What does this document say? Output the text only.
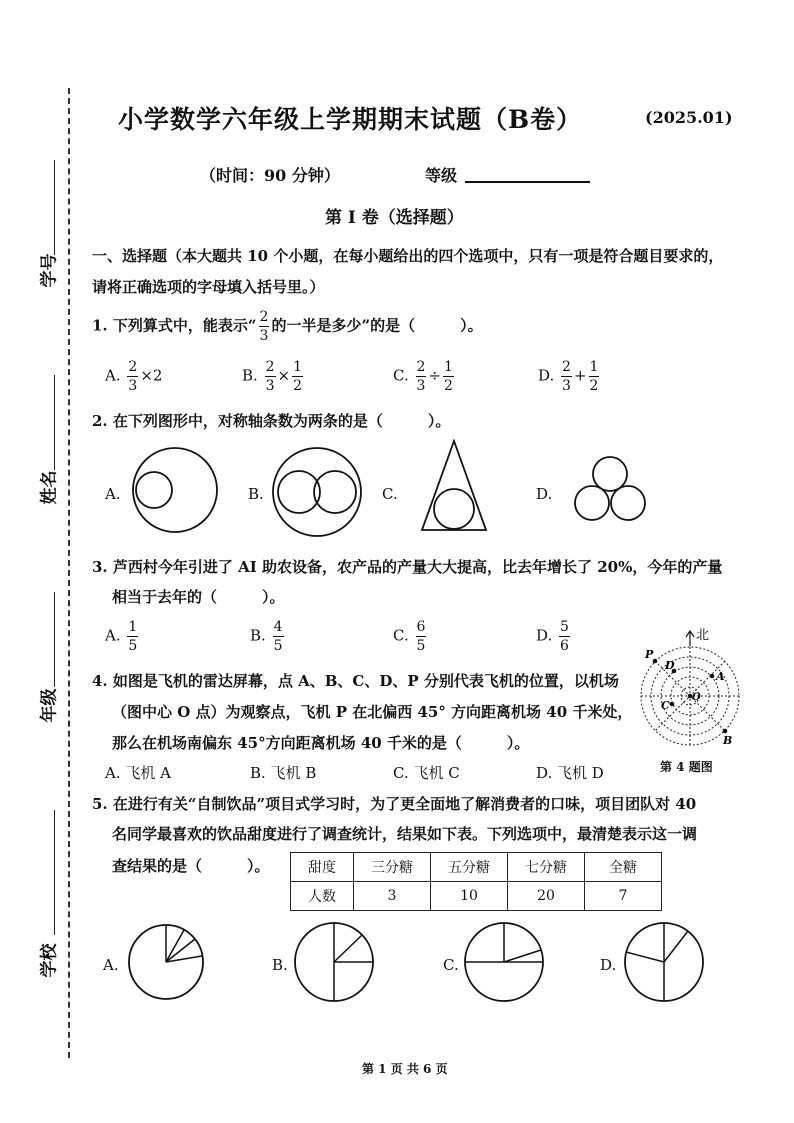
学号
姓名
年级
学校
小学数学六年级上学期期末试题（B卷）	(2025.01)
（时间：90 分钟）	等级
第 I 卷（选择题）
一、选择题（本大题共 10 个小题，在每小题给出的四个选项中，只有一项是符合题目要求的，
请将正确选项的字母填入括号里。）
1. 下列算式中，能表示“ $\frac{2}{3}$ 的一半是多少”的是（　　　）。
A. $\frac{2}{3} \times 2$	B. $\frac{2}{3} \times \frac{1}{2}$	C. $\frac{2}{3} \div \frac{1}{2}$	D. $\frac{2}{3} + \frac{1}{2}$
2. 在下列图形中，对称轴条数为两条的是（　　　）。
A.	B.	C.	D.
3. 芦西村今年引进了 AI 助农设备，农产品的产量大大提高，比去年增长了 20%，今年的产量
相当于去年的（　　　）。
A. $\frac{1}{5}$	B. $\frac{4}{5}$	C. $\frac{6}{5}$	D. $\frac{5}{6}$
4. 如图是飞机的雷达屏幕，点 A、B、C、D、P 分别代表飞机的位置，以机场
（图中心 O 点）为观察点，飞机 P 在北偏西 45° 方向距离机场 40 千米处，
那么在机场南偏东 45°方向距离机场 40 千米的是（　　　）。
A. 飞机 A	B. 飞机 B	C. 飞机 C	D. 飞机 D
北
P
D
A
C
B
O
第 4 题图
5. 在进行有关“自制饮品”项目式学习时，为了更全面地了解消费者的口味，项目团队对 40
名同学最喜欢的饮品甜度进行了调查统计，结果如下表。下列选项中，最清楚表示这一调
查结果的是（　　　）。	甜度	三分糖	五分糖	七分糖	全糖
人数	3	10	20	7
A.	B.	C.	D.
第 1 页 共 6 页
